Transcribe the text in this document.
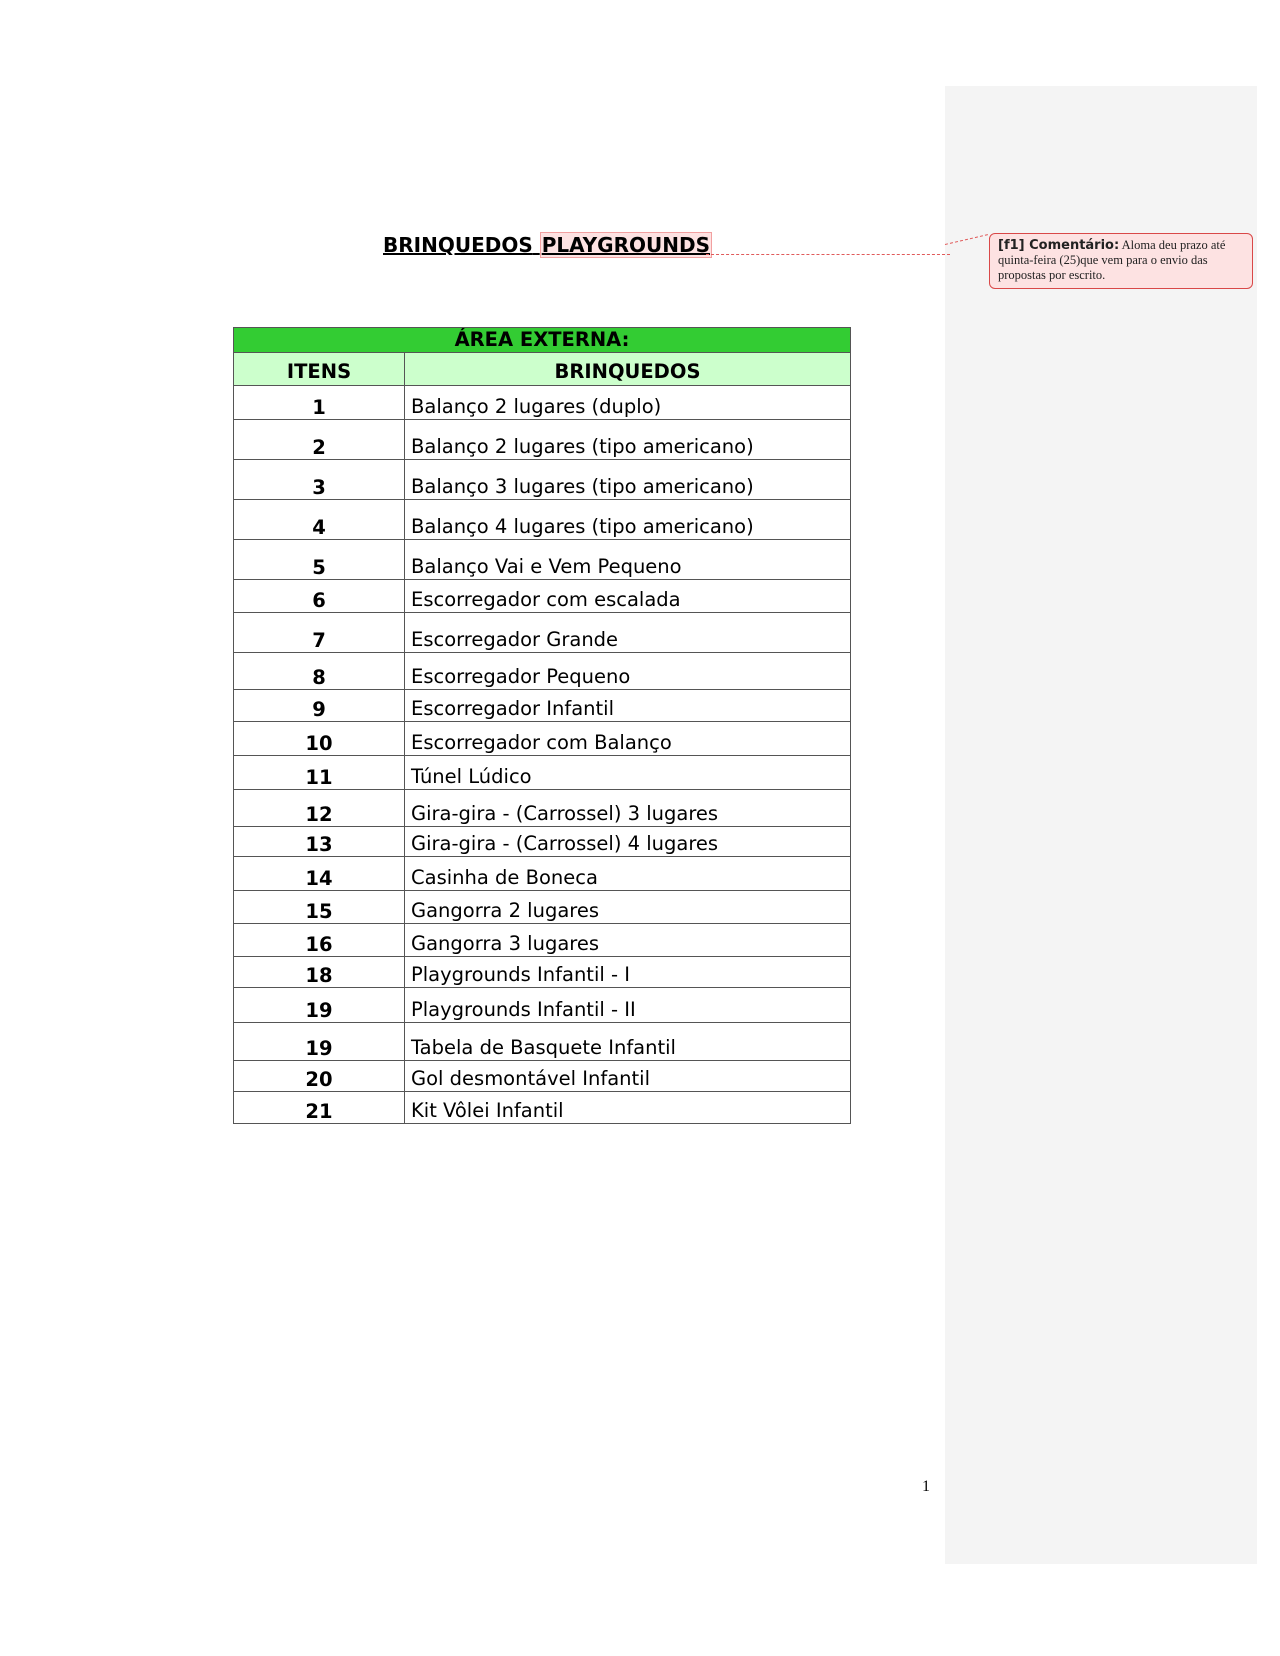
BRINQUEDOS PLAYGROUNDS	[f1] Comentário: Aloma deu prazo até quinta-feira (25)que vem para o envio das propostas por escrito.
ÁREA EXTERNA:	
ITENS	BRINQUEDOS
1	Balanço 2 lugares (duplo)
2	Balanço 2 lugares (tipo americano)
3	Balanço 3 lugares (tipo americano)
4	Balanço 4 lugares (tipo americano)
5	Balanço Vai e Vem Pequeno
6	Escorregador com escalada
7	Escorregador Grande
8	Escorregador Pequeno
9	Escorregador Infantil
10	Escorregador com Balanço
11	Túnel Lúdico
12	Gira-gira - (Carrossel) 3 lugares
13	Gira-gira - (Carrossel) 4 lugares
14	Casinha de Boneca
15	Gangorra 2 lugares
16	Gangorra 3 lugares
18	Playgrounds Infantil - I
19	Playgrounds Infantil - II
19	Tabela de Basquete Infantil
20	Gol desmontável Infantil
21	Kit Vôlei Infantil
1
